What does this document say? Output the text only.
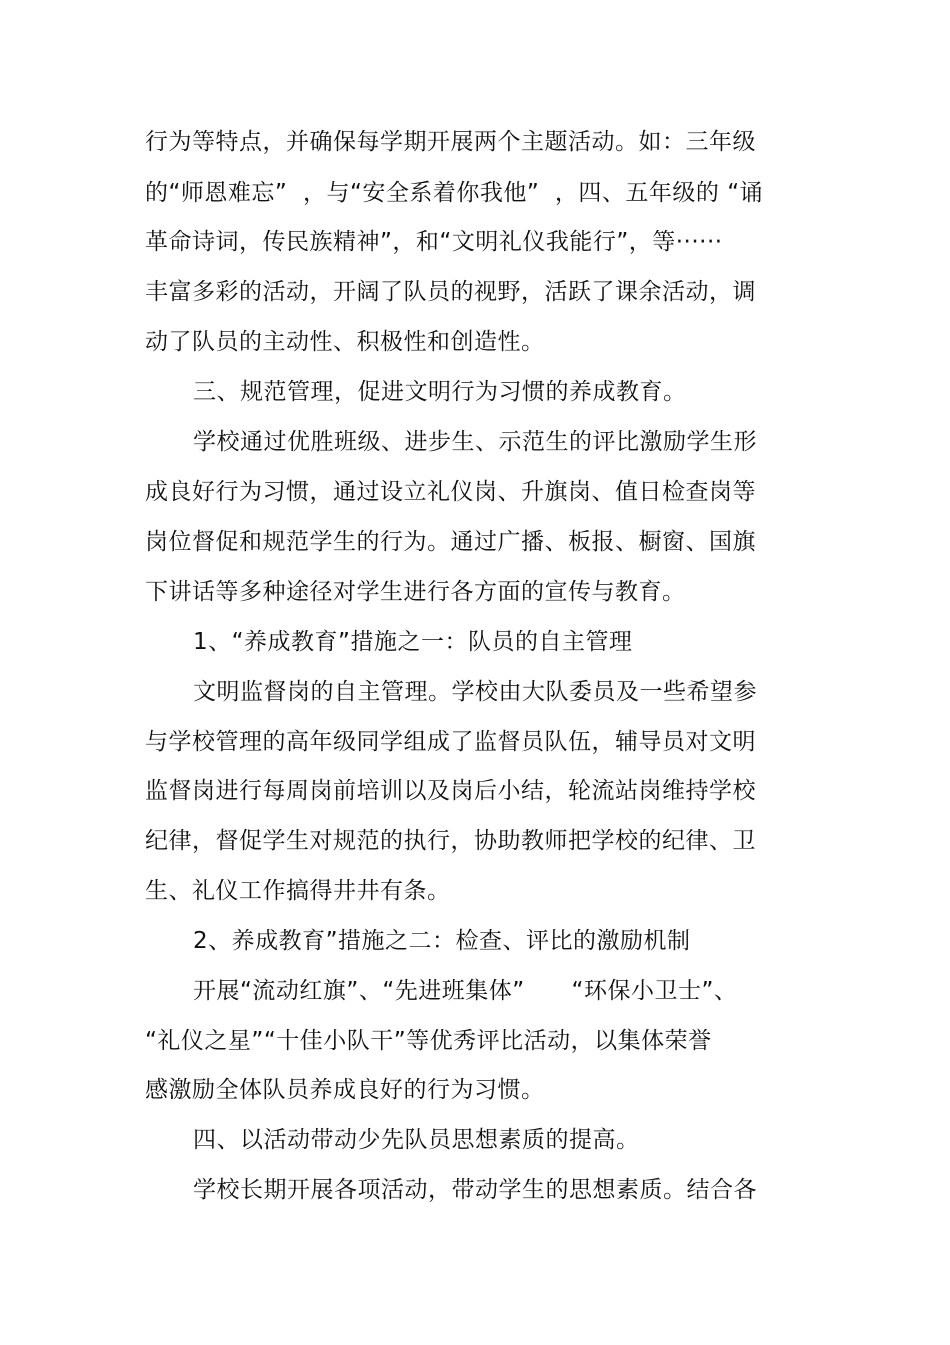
行为等特点，并确保每学期开展两个主题活动。如：三年级
的“师恩难忘”  ，与“安全系着你我他”  ，四、五年级的 “诵
革命诗词，传民族精神”，和“文明礼仪我能行”，等······
丰富多彩的活动，开阔了队员的视野，活跃了课余活动，调
动了队员的主动性、积极性和创造性。
三、规范管理，促进文明行为习惯的养成教育。
学校通过优胜班级、进步生、示范生的评比激励学生形
成良好行为习惯，通过设立礼仪岗、升旗岗、值日检查岗等
岗位督促和规范学生的行为。通过广播、板报、橱窗、国旗
下讲话等多种途径对学生进行各方面的宣传与教育。
1、“养成教育”措施之一：队员的自主管理
文明监督岗的自主管理。学校由大队委员及一些希望参
与学校管理的高年级同学组成了监督员队伍，辅导员对文明
监督岗进行每周岗前培训以及岗后小结，轮流站岗维持学校
纪律，督促学生对规范的执行，协助教师把学校的纪律、卫
生、礼仪工作搞得井井有条。
2、养成教育”措施之二：检查、评比的激励机制
开展“流动红旗”、“先进班集体”      “环保小卫士”、
“礼仪之星”“十佳小队干”等优秀评比活动，以集体荣誉
感激励全体队员养成良好的行为习惯。
四、以活动带动少先队员思想素质的提高。
学校长期开展各项活动，带动学生的思想素质。结合各
